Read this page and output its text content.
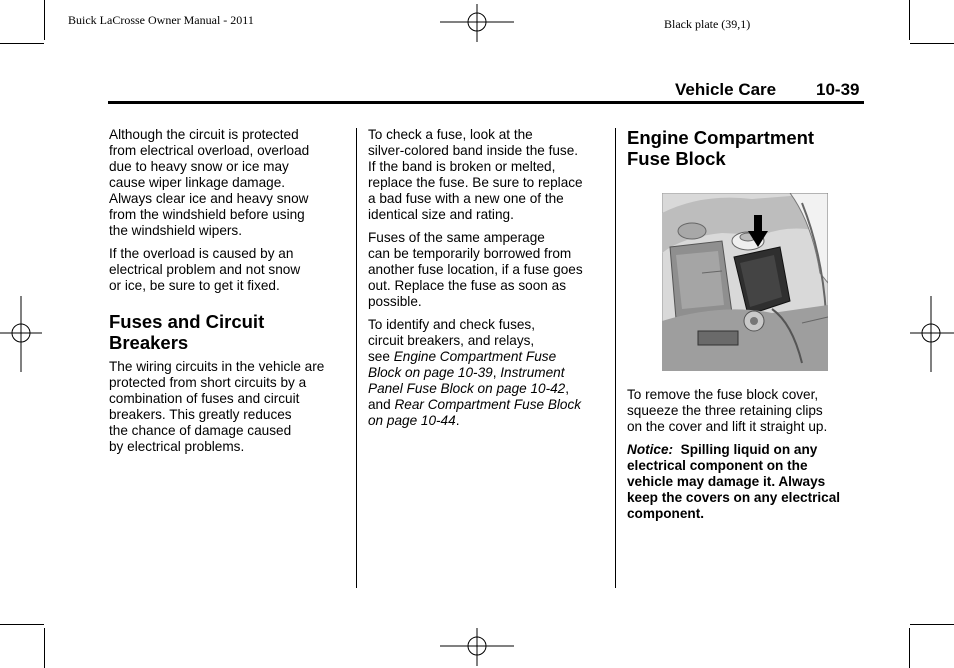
Buick LaCrosse Owner Manual - 2011	Black plate (39,1)
Vehicle Care 10-39

Although the circuit is protected
from electrical overload, overload
due to heavy snow or ice may
cause wiper linkage damage.
Always clear ice and heavy snow
from the windshield before using
the windshield wipers.

If the overload is caused by an
electrical problem and not snow
or ice, be sure to get it fixed.

Fuses and Circuit
Breakers

The wiring circuits in the vehicle are
protected from short circuits by a
combination of fuses and circuit
breakers. This greatly reduces
the chance of damage caused
by electrical problems.

To check a fuse, look at the
silver-colored band inside the fuse.
If the band is broken or melted,
replace the fuse. Be sure to replace
a bad fuse with a new one of the
identical size and rating.

Fuses of the same amperage
can be temporarily borrowed from
another fuse location, if a fuse goes
out. Replace the fuse as soon as
possible.

To identify and check fuses,
circuit breakers, and relays,
see Engine Compartment Fuse
Block on page 10-39, Instrument
Panel Fuse Block on page 10-42,
and Rear Compartment Fuse Block
on page 10-44.

Engine Compartment
Fuse Block

To remove the fuse block cover,
squeeze the three retaining clips
on the cover and lift it straight up.

Notice:  Spilling liquid on any
electrical component on the
vehicle may damage it. Always
keep the covers on any electrical
component.
